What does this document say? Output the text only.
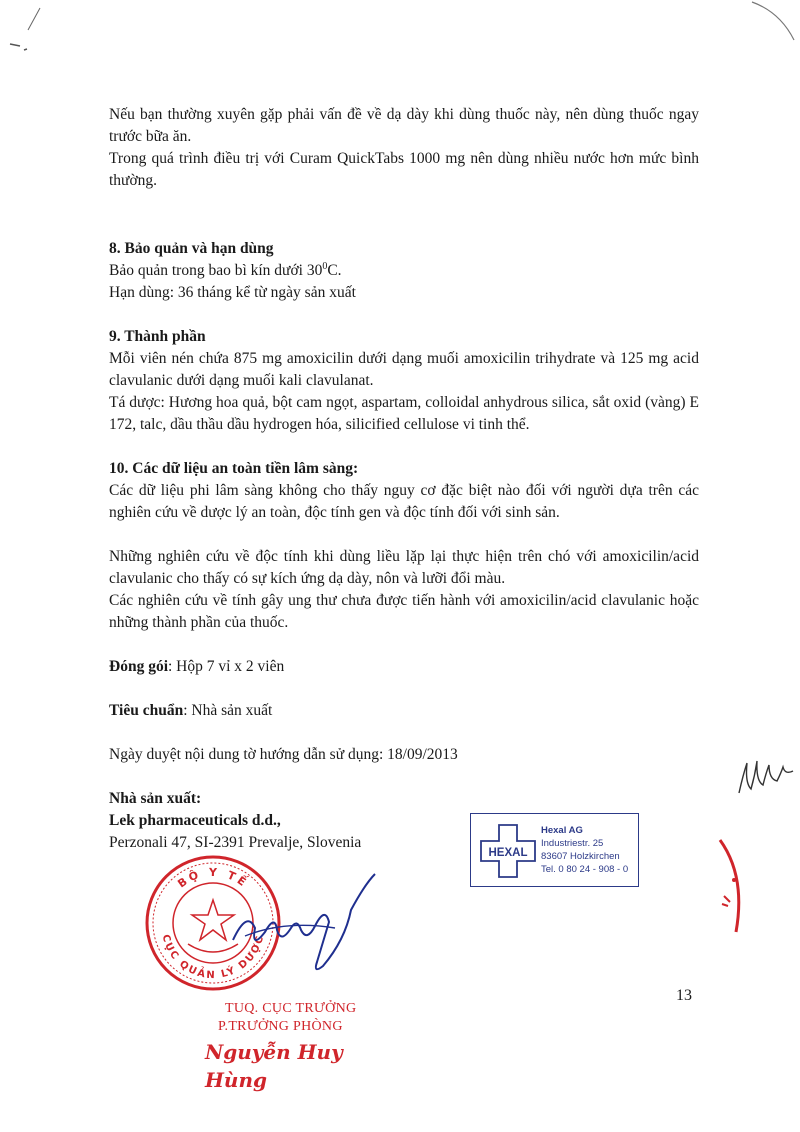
Nếu bạn thường xuyên gặp phải vấn đề về dạ dày khi dùng thuốc này, nên dùng thuốc ngay trước bữa ăn.

Trong quá trình điều trị với Curam QuickTabs 1000 mg nên dùng nhiều nước hơn mức bình thường.

8. Bảo quản và hạn dùng

Bảo quản trong bao bì kín dưới $30^0C$.

Hạn dùng: 36 tháng kể từ ngày sản xuất

9. Thành phần

Mỗi viên nén chứa 875 mg amoxicilin dưới dạng muối amoxicilin trihydrate và 125 mg acid clavulanic dưới dạng muối kali clavulanat.

Tá dược: Hương hoa quả, bột cam ngọt, aspartam, colloidal anhydrous silica, sắt oxid (vàng) E 172, talc, dầu thầu dầu hydrogen hóa, silicified cellulose vi tinh thể.

10. Các dữ liệu an toàn tiền lâm sàng:

Các dữ liệu phi lâm sàng không cho thấy nguy cơ đặc biệt nào đối với người dựa trên các nghiên cứu về dược lý an toàn, độc tính gen và độc tính đối với sinh sản.

Những nghiên cứu về độc tính khi dùng liều lặp lại thực hiện trên chó với amoxicilin/acid clavulanic cho thấy có sự kích ứng dạ dày, nôn và lưỡi đổi màu.

Các nghiên cứu về tính gây ung thư chưa được tiến hành với amoxicilin/acid clavulanic hoặc những thành phần của thuốc.

Đóng gói: Hộp 7 vỉ x 2 viên

Tiêu chuẩn: Nhà sản xuất

Ngày duyệt nội dung tờ hướng dẫn sử dụng: 18/09/2013

Nhà sản xuất:
Lek pharmaceuticals d.d.,

Perzonali 47, SI-2391 Prevalje, Slovenia

HEXAL
Hexal AG
Industriestr. 25
83607 Holzkirchen
Tel. 0 80 24 - 908 - 0
BỘ Y TẾ
CỤC QUẢN LÝ DƯỢC
TUQ. CỤC TRƯỞNG
P.TRƯỞNG PHÒNG
Nguyễn Huy Hùng
13
